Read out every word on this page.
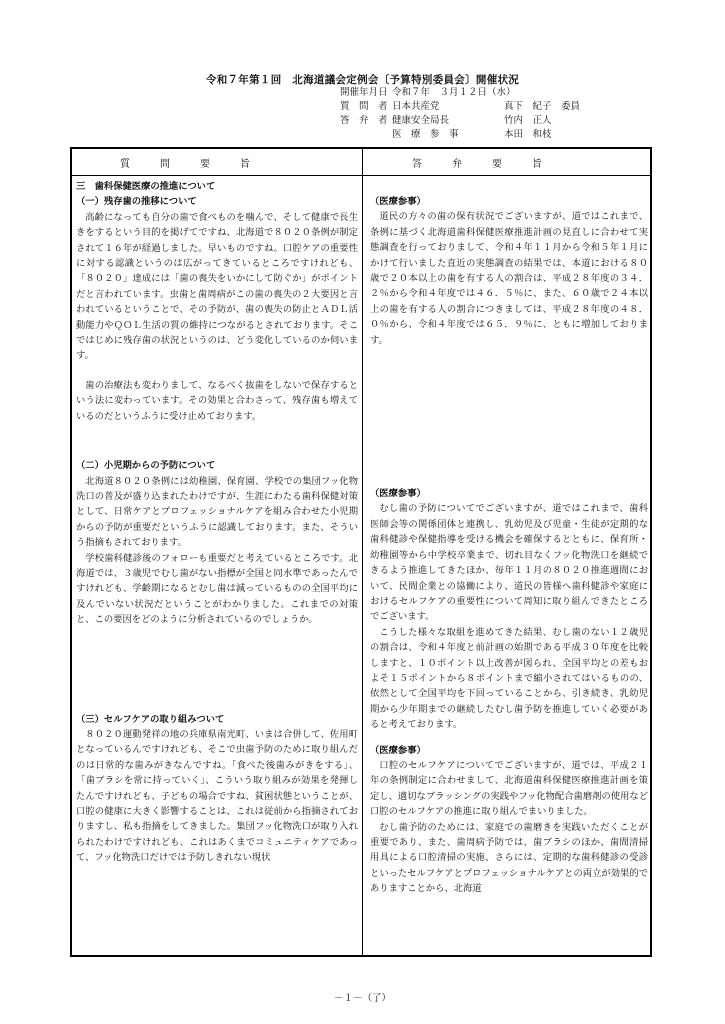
令和７年第１回　北海道議会定例会〔予算特別委員会〕開催状況
開催年月日 令和７年　３月１２日（水）
質　問　者 日本共産党	真下　紀子　委員
答　弁　者 健康安全局長	竹内　正人
医　療　参　事	本田　和枝
質問要旨	答弁要旨
三　歯科保健医療の推進について
（一）残存歯の推移について

高齢になっても自分の歯で食べものを噛んで、そして健康で長生きをするという目的を掲げてですね、北海道で８０２０条例が制定されて１６年が経過しました。早いものですね。口腔ケアの重要性に対する認識というのは広がってきているところですけれども、「８０２０」達成には「歯の喪失をいかにして防ぐか」がポイントだと言われています。虫歯と歯周病がこの歯の喪失の２大要因と言われているということで、その予防が、歯の喪失の防止とＡＤＬ活動能力やＱＯＬ生活の質の維持につながるとされております。そこではじめに残存歯の状況というのは、どう変化しているのか伺います。

歯の治療法も変わりまして、なるべく抜歯をしないで保存するという法に変わっています。その効果と合わさって、残存歯も増えているのだというふうに受け止めております。

（二）小児期からの予防について

北海道８０２０条例には幼稚園、保育園、学校での集団フッ化物洗口の普及が盛り込まれたわけですが、生涯にわたる歯科保健対策として、日常ケアとプロフェッショナルケアを組み合わせた小児期からの予防が重要だというふうに認識しております。また、そういう指摘もされております。

学校歯科健診後のフォローも重要だと考えているところです。北海道では、３歳児でむし歯がない指標が全国と同水準であったんですけれども、学齢期になるとむし歯は減っているものの全国平均に及んでいない状況だということがわかりました。これまでの対策と、この要因をどのように分析されているのでしょうか。

（三）セルフケアの取り組みついて

８０２０運動発祥の地の兵庫県南光町、いまは合併して、佐用町となっているんですけれども、そこで虫歯予防のために取り組んだのは日常的な歯みがきなんですね。「食べた後歯みがきをする」、「歯ブラシを常に持っていく」、こういう取り組みが効果を発揮したんですけれども、子どもの場合ですね、貧困状態ということが、口腔の健康に大きく影響することは、これは従前から指摘されておりますし、私も指摘をしてきました。集団フッ化物洗口が取り入れられたわけですけれども、これはあくまでコミュニティケアであって、フッ化物洗口だけでは予防しきれない現状

（医療参事）

道民の方々の歯の保有状況でございますが、道ではこれまで、条例に基づく北海道歯科保健医療推進計画の見直しに合わせて実態調査を行っておりまして、令和４年１１月から令和５年１月にかけて行いました直近の実態調査の結果では、本道における８０歳で２０本以上の歯を有する人の割合は、平成２８年度の３４．２％から令和４年度では４６．５％に、また、６０歳で２４本以上の歯を有する人の割合につきましては、平成２８年度の４８．０％から、令和４年度では６５．９％に、ともに増加しております。

（医療参事）

むし歯の予防についてでございますが、道ではこれまで、歯科医師会等の関係団体と連携し、乳幼児及び児童・生徒が定期的な歯科健診や保健指導を受ける機会を確保するとともに、保育所・幼稚園等から中学校卒業まで、切れ目なくフッ化物洗口を継続できるよう推進してきたほか、毎年１１月の８０２０推進週間において、民間企業との協働により、道民の皆様へ歯科健診や家庭におけるセルフケアの重要性について周知に取り組んできたところでございます。

こうした様々な取組を進めてきた結果、むし歯のない１２歳児の割合は、令和４年度と前計画の始期である平成３０年度を比較しますと、１０ポイント以上改善が図られ、全国平均との差もおよそ１５ポイントから８ポイントまで縮小されてはいるものの、依然として全国平均を下回っていることから、引き続き、乳幼児期から少年期までの継続したむし歯予防を推進していく必要があると考えております。

（医療参事）

口腔のセルフケアについてでございますが、道では、平成２１年の条例制定に合わせまして、北海道歯科保健医療推進計画を策定し、適切なブラッシングの実践やフッ化物配合歯磨剤の使用など口腔のセルフケアの推進に取り組んでまいりました。

むし歯予防のためには、家庭での歯磨きを実践いただくことが重要であり、また、歯周病予防では、歯ブラシのほか、歯間清掃用具による口腔清掃の実施、さらには、定期的な歯科健診の受診といったセルフケアとプロフェッショナルケアとの両立が効果的でありますことから、北海道

－１－（了）
